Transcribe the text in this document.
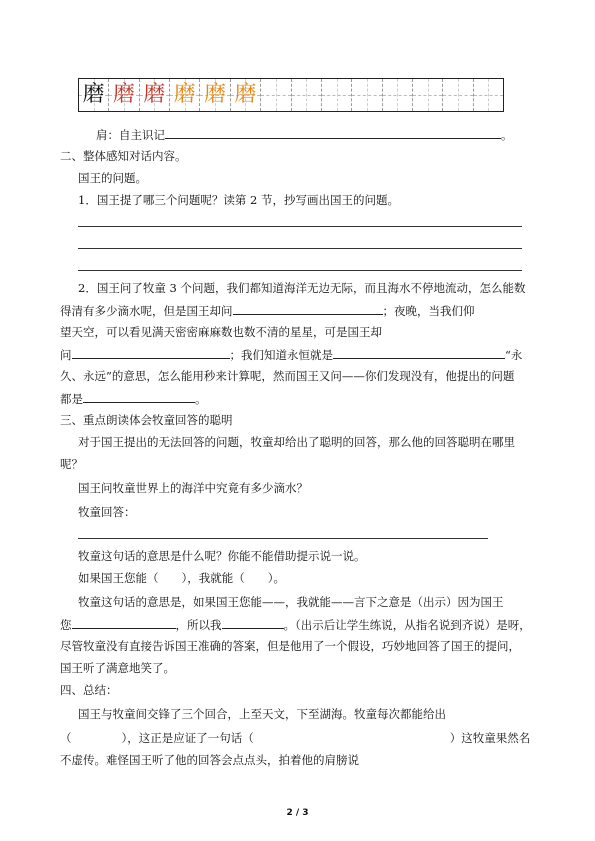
磨 磨 磨 磨 磨 磨
肩：自主识记	。
二、整体感知对话内容。
国王的问题。
1．国王提了哪三个问题呢？读第 2 节，抄写画出国王的问题。
2．国王问了牧童 3 个问题，我们都知道海洋无边无际，而且海水不停地流动，怎么能数
得清有多少滴水呢，但是国王却问	；夜晚，当我们仰
望天空，可以看见满天密密麻麻数也数不清的星星，可是国王却
问	；我们知道永恒就是	“永
久、永远”的意思，怎么能用秒来计算呢，然而国王又问——你们发现没有，他提出的问题
都是	。
三、重点朗读体会牧童回答的聪明
对于国王提出的无法回答的问题，牧童却给出了聪明的回答，那么他的回答聪明在哪里
呢？
国王问牧童世界上的海洋中究竟有多少滴水？
牧童回答：
牧童这句话的意思是什么呢？你能不能借助提示说一说。
如果国王您能（　　），我就能（　　）。
牧童这句话的意思是，如果国王您能——，我就能——言下之意是（出示）因为国王
您	，所以我	。（出示后让学生练说，从指名说到齐说）是呀，
尽管牧童没有直接告诉国王准确的答案，但是他用了一个假设，巧妙地回答了国王的提问，
国王听了满意地笑了。
四、总结：
国王与牧童间交锋了三个回合，上至天文，下至湖海。牧童每次都能给出
（	），这正是应证了一句话（	）这牧童果然名
不虚传。难怪国王听了他的回答会点点头，拍着他的肩膀说
2 / 3
